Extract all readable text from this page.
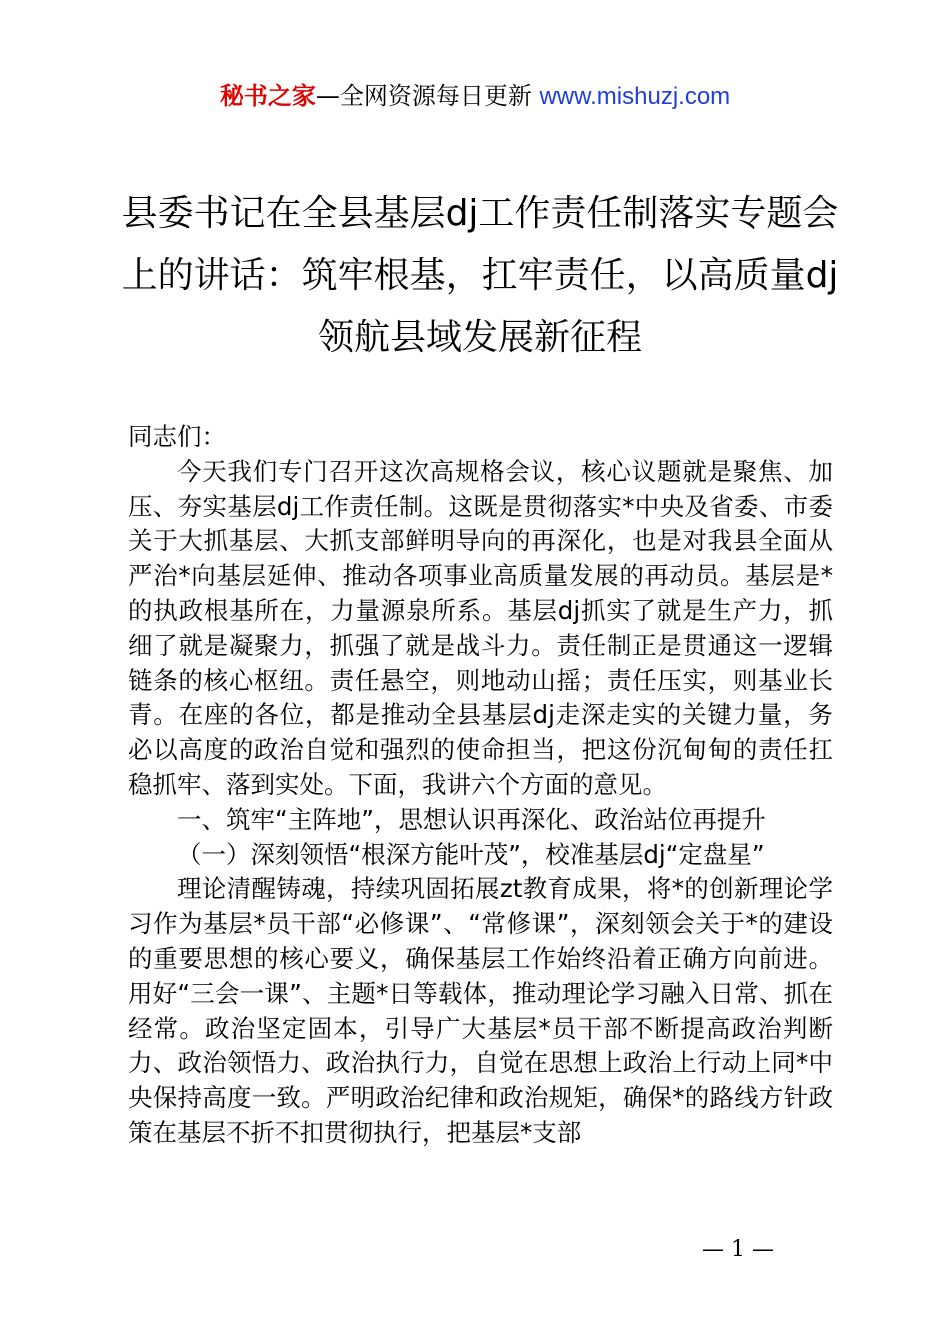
秘书之家—全网资源每日更新 www.mishuzj.com
县委书记在全县基层dj工作责任制落实专题会上的讲话：筑牢根基，扛牢责任，以高质量dj领航县域发展新征程

同志们：

今天我们专门召开这次高规格会议，核心议题就是聚焦、加压、夯实基层dj工作责任制。这既是贯彻落实*中央及省委、市委关于大抓基层、大抓支部鲜明导向的再深化，也是对我县全面从严治*向基层延伸、推动各项事业高质量发展的再动员。基层是*的执政根基所在，力量源泉所系。基层dj抓实了就是生产力，抓细了就是凝聚力，抓强了就是战斗力。责任制正是贯通这一逻辑链条的核心枢纽。责任悬空，则地动山摇；责任压实，则基业长青。在座的各位，都是推动全县基层dj走深走实的关键力量，务必以高度的政治自觉和强烈的使命担当，把这份沉甸甸的责任扛稳抓牢、落到实处。下面，我讲六个方面的意见。

一、筑牢“主阵地”，思想认识再深化、政治站位再提升

（一）深刻领悟“根深方能叶茂”，校准基层dj“定盘星”

理论清醒铸魂，持续巩固拓展zt教育成果，将*的创新理论学习作为基层*员干部“必修课”、“常修课”，深刻领会关于*的建设的重要思想的核心要义，确保基层工作始终沿着正确方向前进。用好“三会一课”、主题*日等载体，推动理论学习融入日常、抓在经常。政治坚定固本，引导广大基层*员干部不断提高政治判断力、政治领悟力、政治执行力，自觉在思想上政治上行动上同*中央保持高度一致。严明政治纪律和政治规矩，确保*的路线方针政策在基层不折不扣贯彻执行，把基层*支部

— 1 —
